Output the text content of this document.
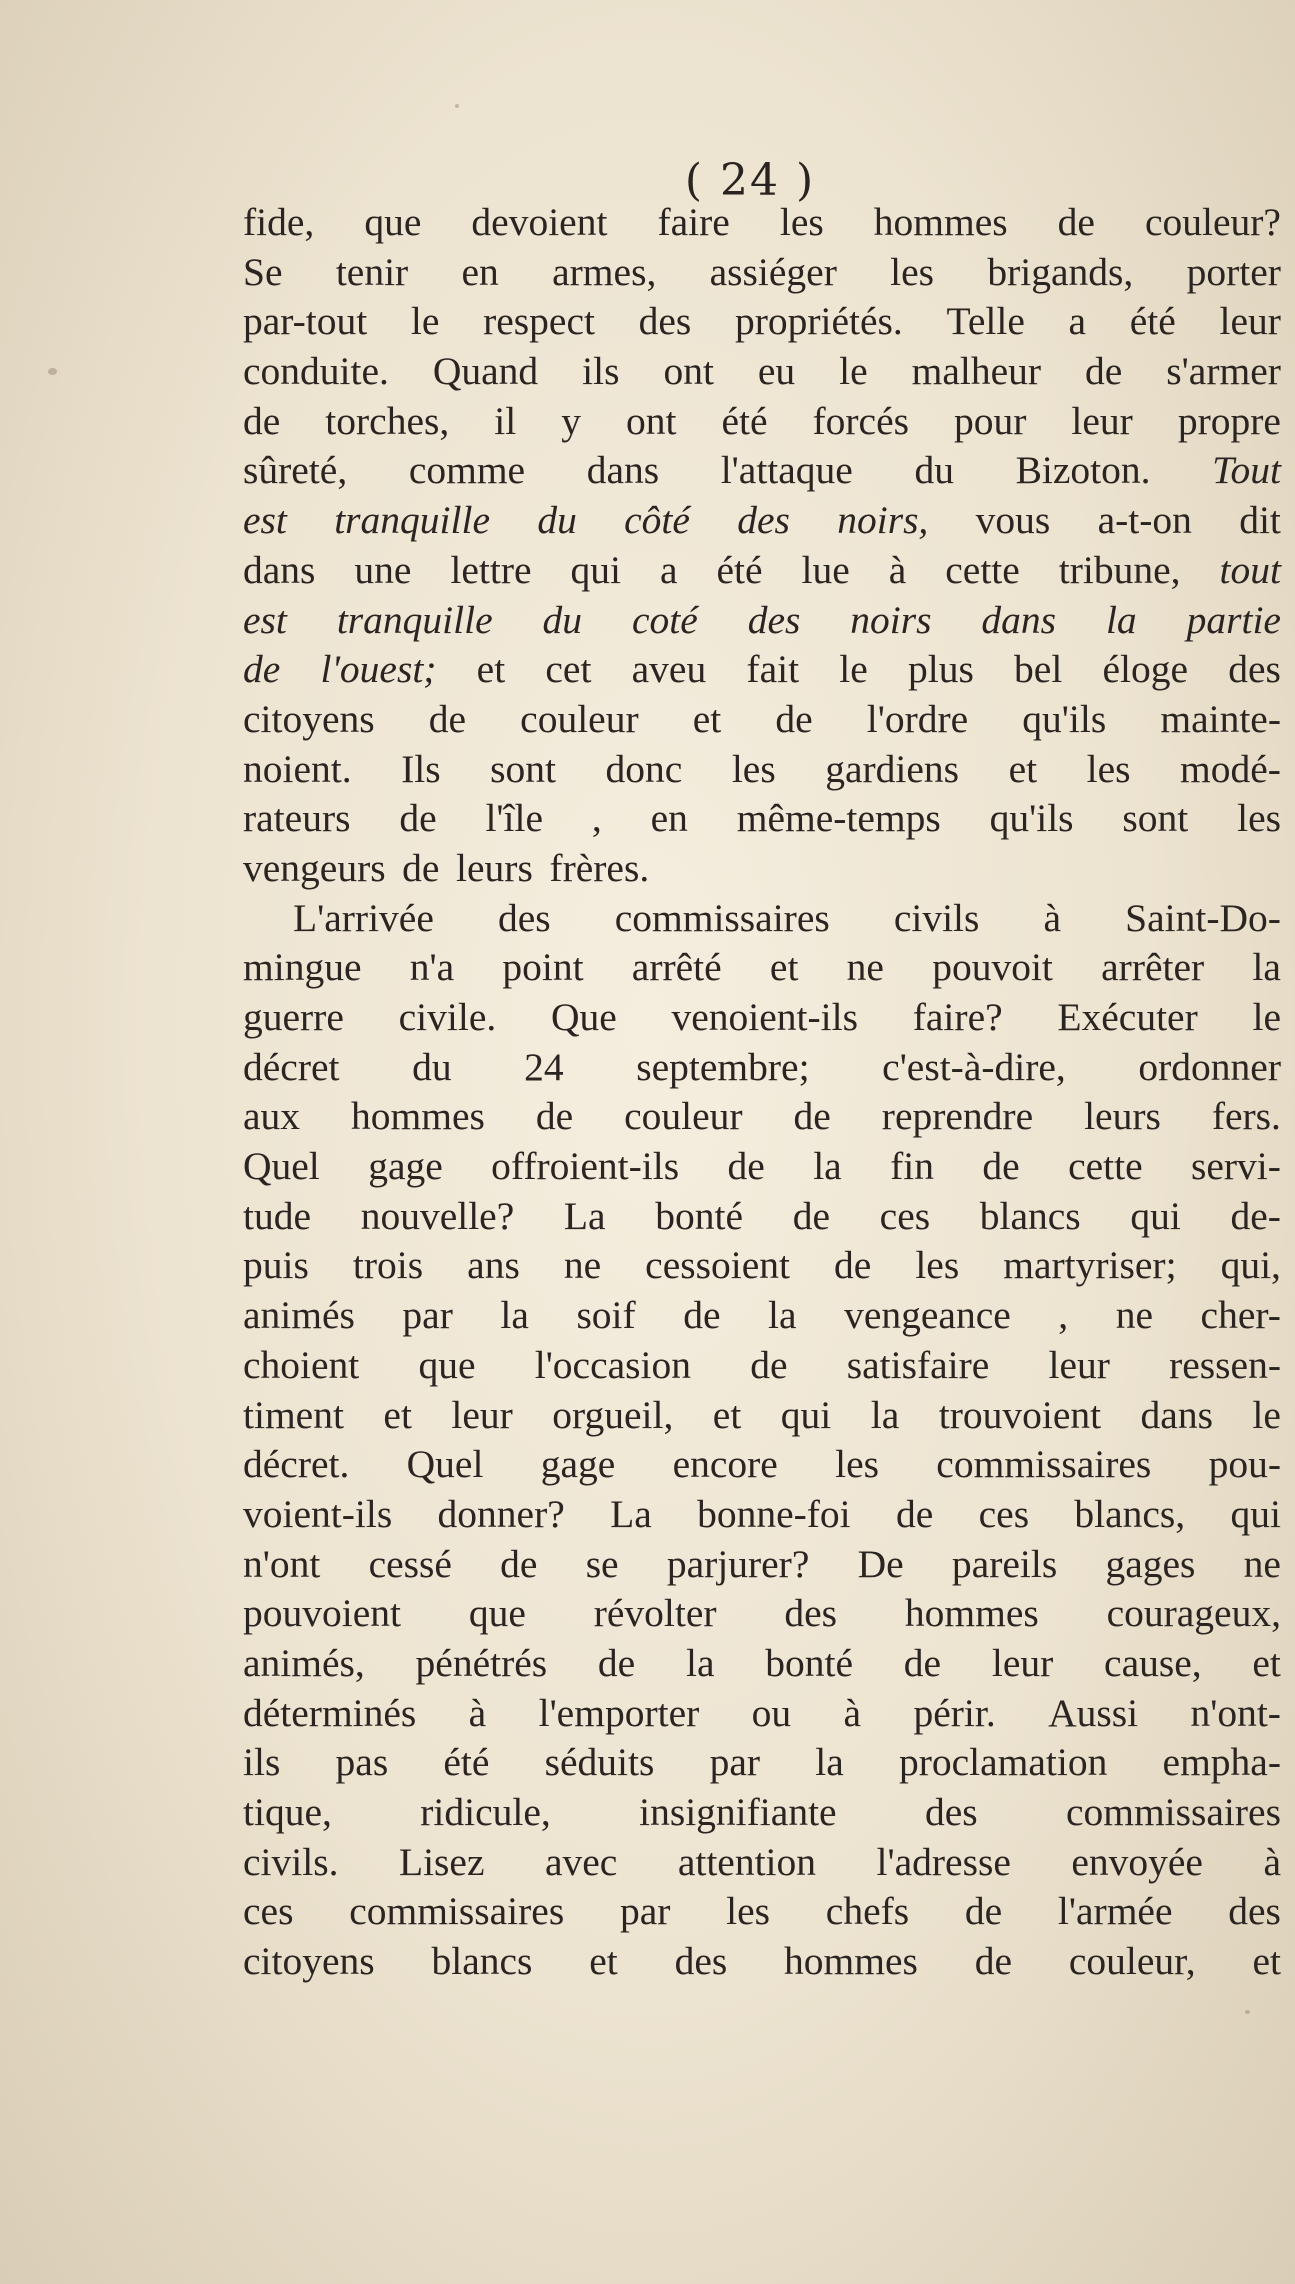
( 24 )
fide, que devoient faire les hommes de couleur?
Se tenir en armes, assiéger les brigands, porter
par-tout le respect des propriétés. Telle a été leur
conduite. Quand ils ont eu le malheur de s'armer
de torches, il y ont été forcés pour leur propre
sûreté, comme dans l'attaque du Bizoton. Tout
est tranquille du côté des noirs, vous a-t-on dit
dans une lettre qui a été lue à cette tribune, tout
est tranquille du coté des noirs dans la partie
de l'ouest; et cet aveu fait le plus bel éloge des
citoyens de couleur et de l'ordre qu'ils mainte-
noient. Ils sont donc les gardiens et les modé-
rateurs de l'île , en même-temps qu'ils sont les
vengeurs de leurs frères.
L'arrivée des commissaires civils à Saint-Do-
mingue n'a point arrêté et ne pouvoit arrêter la
guerre civile. Que venoient-ils faire? Exécuter le
décret du 24 septembre; c'est-à-dire, ordonner
aux hommes de couleur de reprendre leurs fers.
Quel gage offroient-ils de la fin de cette servi-
tude nouvelle? La bonté de ces blancs qui de-
puis trois ans ne cessoient de les martyriser; qui,
animés par la soif de la vengeance , ne cher-
choient que l'occasion de satisfaire leur ressen-
timent et leur orgueil, et qui la trouvoient dans le
décret. Quel gage encore les commissaires pou-
voient-ils donner? La bonne-foi de ces blancs, qui
n'ont cessé de se parjurer? De pareils gages ne
pouvoient que révolter des hommes courageux,
animés, pénétrés de la bonté de leur cause, et
déterminés à l'emporter ou à périr. Aussi n'ont-
ils pas été séduits par la proclamation empha-
tique, ridicule, insignifiante des commissaires
civils. Lisez avec attention l'adresse envoyée à
ces commissaires par les chefs de l'armée des
citoyens blancs et des hommes de couleur, et
